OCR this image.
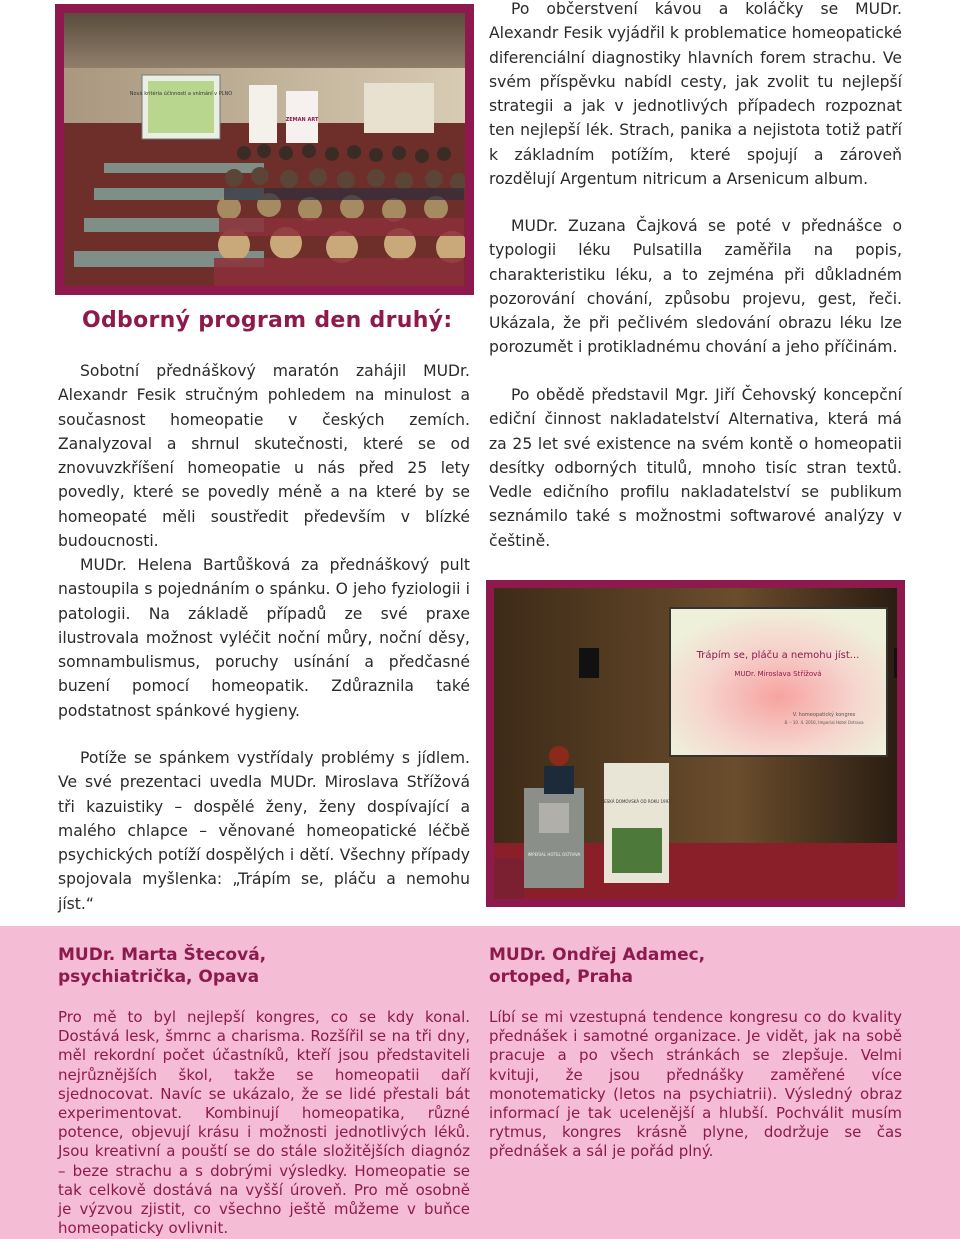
Po občerstvení kávou a koláčky se MUDr. Alexandr Fesik vyjádřil k problematice homeopatické diferenciální diagnostiky hlavních forem strachu. Ve svém příspěvku nabídl cesty, jak zvolit tu nejlepší strategii a jak v jednotlivých případech rozpoznat ten nejlepší lék. Strach, panika a nejistota totiž patří k základním potížím, které spojují a zároveň rozdělují Argentum nitricum a Arsenicum album.

MUDr. Zuzana Čajková se poté v přednášce o typologii léku Pulsatilla zaměřila na popis, charakteristiku léku, a to zejména při důkladném pozorování chování, způsobu projevu, gest, řeči. Ukázala, že při pečlivém sledování obrazu léku lze porozumět i protikladnému chování a jeho příčinám.

Po obědě představil Mgr. Jiří Čehovský koncepční ediční činnost nakladatelství Alternativa, která má za 25 let své existence na svém kontě o homeopatii desítky odborných titulů, mnoho tisíc stran textů. Vedle edičního profilu nakladatelství se publikum seznámilo také s možnostmi softwarové analýzy v češtině.

Nová kritéria účinnosti a vnímání v PLNO
ZEMAN ART
Odborný program den druhý:

Sobotní přednáškový maratón zahájil MUDr. Alexandr Fesik stručným pohledem na minulost a současnost homeopatie v českých zemích. Zanalyzoval a shrnul skutečnosti, které se od znovuvzkříšení homeopatie u nás před 25 lety povedly, které se povedly méně a na které by se homeopaté měli soustředit především v blízké budoucnosti.

MUDr. Helena Bartůšková za přednáškový pult nastoupila s pojednáním o spánku. O jeho fyziologii i patologii. Na základě případů ze své praxe ilustrovala možnost vyléčit noční můry, noční děsy, somnambulismus, poruchy usínání a předčasné buzení pomocí homeopatik. Zdůraznila také podstatnost spánkové hygieny.

Potíže se spánkem vystřídaly problémy s jídlem. Ve své prezentaci uvedla MUDr. Miroslava Střížová tři kazuistiky – dospělé ženy, ženy dospívající a malého chlapce – věnované homeopatické léčbě psychických potíží dospělých i dětí. Všechny případy spojovala myšlenka: „Trápím se, pláču a nemohu jíst.“

Trápím se, pláču a nemohu jíst...
MUDr. Miroslava Střížová
V. homeopatický kongres
8. – 10. 4. 2016, Imperial Hotel Ostrava
IMPERIAL HOTEL OSTRAVA
ČESKÁ DOMOVSKÁ OD ROKU 1993

MUDr. Marta Štecová,

psychiatrička, Opava

Pro mě to byl nejlepší kongres, co se kdy konal. Dostává lesk, šmrnc a charisma. Rozšířil se na tři dny, měl rekordní počet účastníků, kteří jsou představiteli nejrůznějších škol, takže se homeopatii daří sjednocovat. Navíc se ukázalo, že se lidé přestali bát experimentovat. Kombinují homeopatika, různé potence, objevují krásu i možnosti jednotlivých léků. Jsou kreativní a pouští se do stále složitějších diagnóz – beze strachu a s dobrými výsledky. Homeopatie se tak celkově dostává na vyšší úroveň. Pro mě osobně je výzvou zjistit, co všechno ještě můžeme v buňce homeopaticky ovlivnit.

MUDr. Ondřej Adamec,

ortoped, Praha

Líbí se mi vzestupná tendence kongresu co do kvality přednášek i samotné organizace. Je vidět, jak na sobě pracuje a po všech stránkách se zlepšuje. Velmi kvituji, že jsou přednášky zaměřené více monotematicky (letos na psychiatrii). Výsledný obraz informací je tak ucelenější a hlubší. Pochválit musím rytmus, kongres krásně plyne, dodržuje se čas přednášek a sál je pořád plný.
